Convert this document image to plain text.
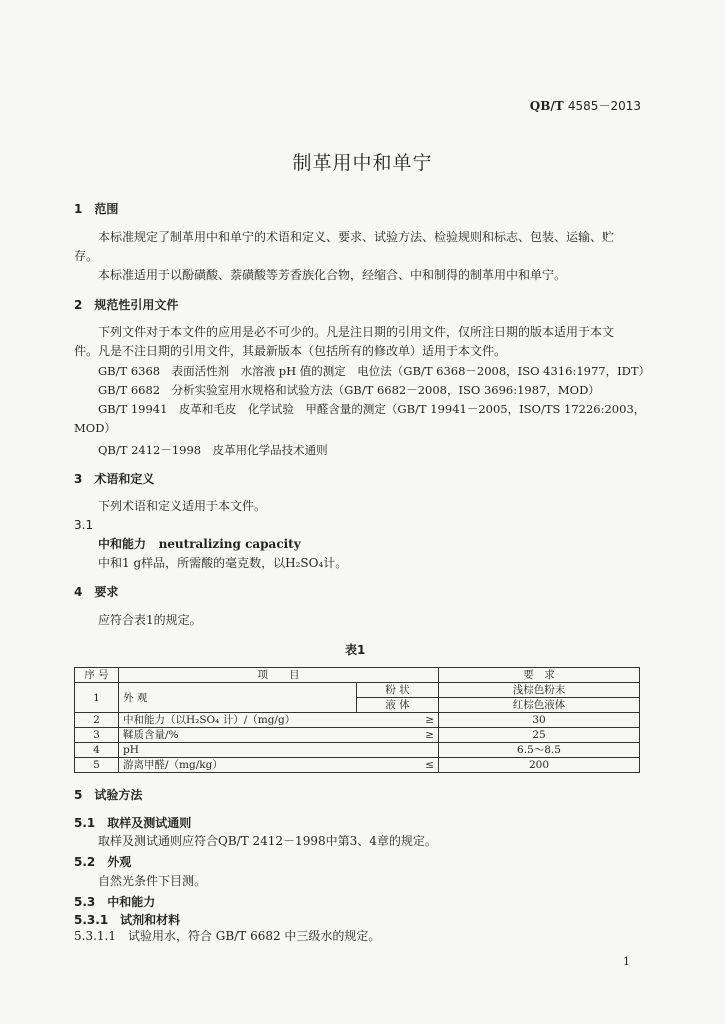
QB/T 4585－2013
制革用中和单宁
1　范围
本标准规定了制革用中和单宁的术语和定义、要求、试验方法、检验规则和标志、包装、运输、贮
存。
本标准适用于以酚磺酸、萘磺酸等芳香族化合物，经缩合、中和制得的制革用中和单宁。
2　规范性引用文件
下列文件对于本文件的应用是必不可少的。凡是注日期的引用文件，仅所注日期的版本适用于本文
件。凡是不注日期的引用文件，其最新版本（包括所有的修改单）适用于本文件。
GB/T 6368　表面活性剂　水溶液 pH 值的测定　电位法（GB/T 6368－2008，ISO 4316:1977，IDT）
GB/T 6682　分析实验室用水规格和试验方法（GB/T 6682－2008，ISO 3696:1987，MOD）
GB/T 19941　皮革和毛皮　化学试验　甲醛含量的测定（GB/T 19941－2005，ISO/TS 17226:2003，
MOD）
QB/T 2412－1998　皮革用化学品技术通则
3　术语和定义
下列术语和定义适用于本文件。
3.1
中和能力 neutralizing capacity
中和1 g样品，所需酸的毫克数，以H₂SO₄计。
4　要求
应符合表1的规定。
表1
序 号	项　　目		要　求
1	外 观	粉 状	浅棕色粉末
		液 体	红棕色液体
2	中和能力（以H₂SO₄ 计）/（mg/g） ≥		30
3	鞣质含量/% ≥		25
4	pH		6.5～8.5
5	游离甲醛/（mg/kg） ≤		200
5　试验方法
5.1　取样及测试通则
取样及测试通则应符合QB/T 2412－1998中第3、4章的规定。
5.2　外观
自然光条件下目测。
5.3　中和能力
5.3.1　试剂和材料
5.3.1.1　试验用水，符合 GB/T 6682 中三级水的规定。
1
